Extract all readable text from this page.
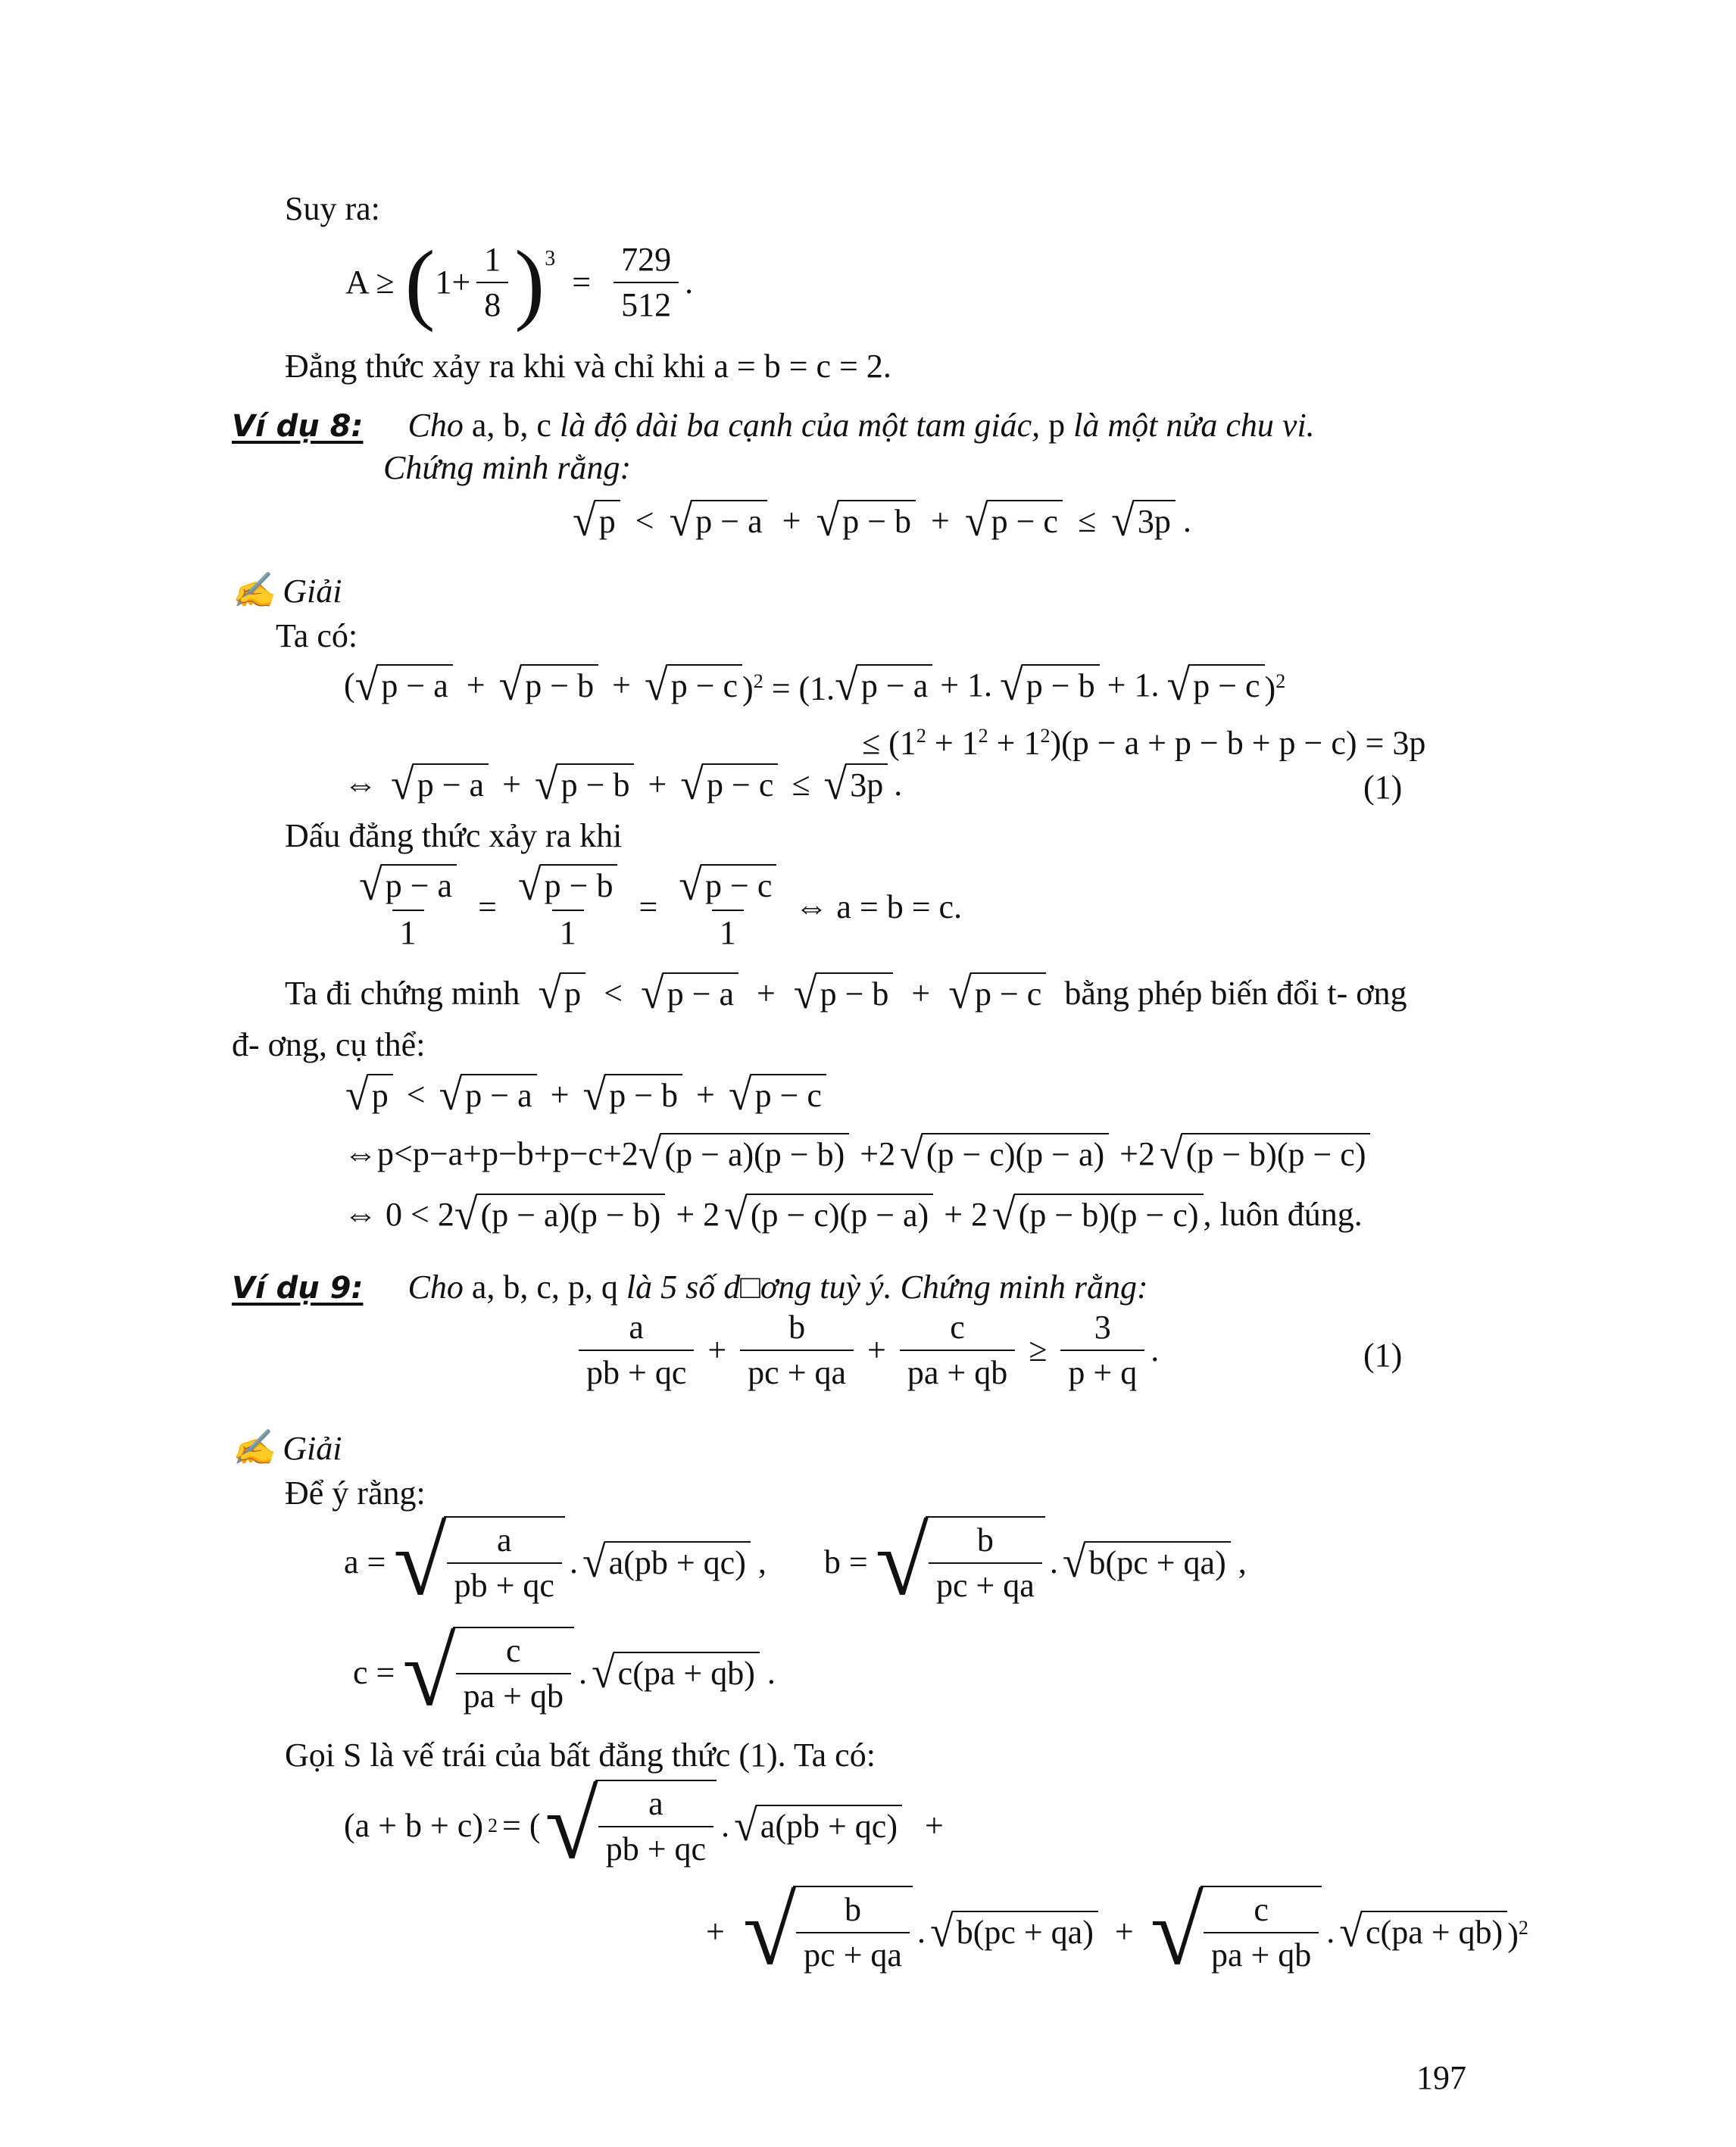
Suy ra:
A ≥ ( $1+ \frac{1}{8}$ ) 3
= $\frac{729}{512}$ .
Đẳng thức xảy ra khi và chỉ khi a = b = c = 2.
Ví dụ 8: Cho a, b, c là độ dài ba cạnh của một tam giác, p là một nửa chu vi.
Chứng minh rằng:
√ p < √ p − a + √ p − b + √ p − c ≤ √ 3p .
✍ Giải
Ta có:
( √ p − a + √ p − b + √ p − c )$^2$ = (1. √ p − a + 1. √ p − b + 1. √ p − c )$^2$
≤ $(1^2 + 1^2 + 1^2)(p - a + p - b + p - c) = 3p$
⇔ √ p − a + √ p − b + √ p − c ≤ √ 3p .	(1)
Dấu đẳng thức xảy ra khi
$\frac{√ p - a}{1} = \frac{√ p - b}{1} = \frac{√ p - c}{1}$ ⇔ a = b = c.
Ta đi chứng minh √ p < √ p − a + √ p − b + √ p − c bằng phép biến đổi t- ơng
đ- ơng, cụ thể:
√ p < √ p − a + √ p − b + √ p − c
⇔p<p−a+p−b+p−c+2 √ (p − a)(p − b) +2 √ (p − c)(p − a) +2 √ (p − b)(p − c)
⇔ 0 < 2 √ (p − a)(p − b) + 2 √ (p − c)(p − a) + 2 √ (p − b)(p − c) , luôn đúng.
Ví dụ 9: Cho a, b, c, p, q là 5 số d□ơng tuỳ ý. Chứng minh rằng:
a
pb + qc
+ $\frac{b}{pc + qa} + \frac{c}{pa + qb} \ge \frac{3}{p + q}$ .	(1)
✍ Giải
Để ý rằng:
a = √ a
pb + qc
. √ a(pb + qc) , b = √ b
pc + qa
. √ b(pc + qa) ,
c = √ c
pa + qb
. √ c(pa + qb) .
Gọi S là vế trái của bất đẳng thức (1). Ta có:
(a + b + c) 2 = ( √ a
pb + qc
. √ a(pb + qc) +
+ √ b
pc + qa
. √ b(pc + qa) + √ c
pa + qb
. √ c(pa + qb) )$^2$
197
